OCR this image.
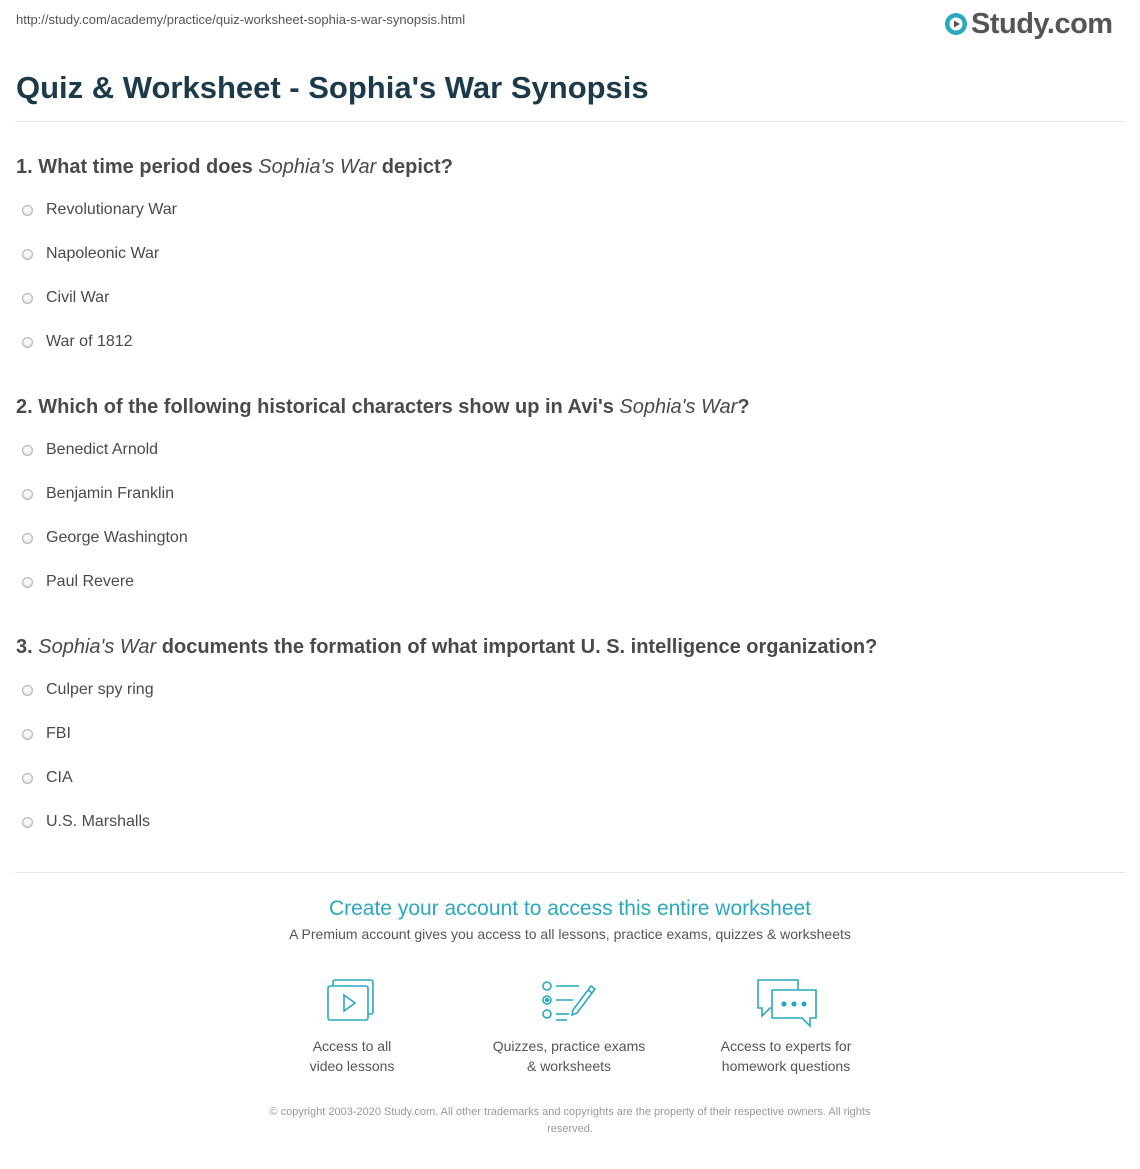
http://study.com/academy/practice/quiz-worksheet-sophia-s-war-synopsis.html	Study.com
Quiz & Worksheet - Sophia's War Synopsis

1. What time period does Sophia's War depict?

Revolutionary War
Napoleonic War
Civil War
War of 1812

2. Which of the following historical characters show up in Avi's Sophia's War?

Benedict Arnold
Benjamin Franklin
George Washington
Paul Revere

3. Sophia's War documents the formation of what important U. S. intelligence organization?

Culper spy ring
FBI
CIA
U.S. Marshalls
Create your account to access this entire worksheet
A Premium account gives you access to all lessons, practice exams, quizzes & worksheets
Access to all
video lessons
Quizzes, practice exams
& worksheets
Access to experts for
homework questions
© copyright 2003-2020 Study.com. All other trademarks and copyrights are the property of their respective owners. All rights
reserved.
